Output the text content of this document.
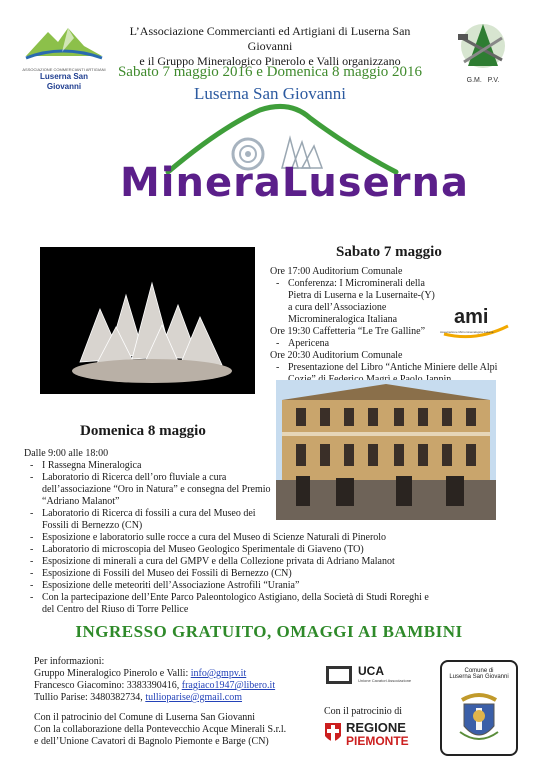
ASSOCIAZIONE COMMERCIANTI ARTIGIANI
Luserna San Giovanni
L’Associazione Commercianti ed Artigiani di Luserna San Giovanni
e il Gruppo Mineralogico Pinerolo e Valli organizzano
Sabato 7 maggio 2016 e Domenica 8 maggio 2016
Luserna San Giovanni
G.M.   P.V.
MineraLuserna
Sabato 7 maggio
Ore 17:00 Auditorium Comunale
- Conferenza: I Microminerali della Pietra di Luserna e la Lusernaite-(Y) a cura dell’Associazione Micromineralogica Italiana
Ore 19:30 Caffetteria “Le Tre Galline”
- Apericena
Ore 20:30 Auditorium Comunale
- Presentazione del Libro “Antiche Miniere delle Alpi
ami
Associazione Micromineralogica Italiana
Domenica 8 maggio
Dalle 9:00 alle 18:00
- I Rassegna Mineralogica
- Laboratorio di Ricerca dell’oro fluviale a cura dell’associazione “Oro in Natura” e consegna del Premio “Adriano Malanot”
- Laboratorio di Ricerca di fossili a cura del Museo dei Fossili di Bernezzo (CN)
- Esposizione e laboratorio sulle rocce a cura del Museo di Scienze Naturali di Pinerolo
- Laboratorio di microscopia del Museo Geologico Sperimentale di Giaveno (TO)
- Esposizione di minerali a cura del GMPV e della Collezione privata di Adriano Malanot
- Esposizione di Fossili del Museo dei Fossili di Bernezzo (CN)
- Esposizione delle meteoriti dell’Associazione Astrofili “Urania”
- Con la partecipazione dell’Ente Parco Paleontologico Astigiano, della Società di Studi Roreghi e del Centro del Riuso di Torre Pellice
INGRESSO GRATUITO, OMAGGI AI BAMBINI
Per informazioni:
Gruppo Mineralogico Pinerolo e Valli: info@gmpv.it
Francesco Giacomino: 3383390416, fragiaco1947@libero.it
Tullio Parise: 3480382734, tullioparise@gmail.com
Con il patrocinio del Comune di Luserna San Giovanni
Con la collaborazione della Pontevecchio Acque Minerali S.r.l.
e dell’Unione Cavatori di Bagnolo Piemonte e Barge (CN)
UCA
Unione Cavatori Associazione
Con il patrocinio di
REGIONE
PIEMONTE
Comune di
Luserna San Giovanni
